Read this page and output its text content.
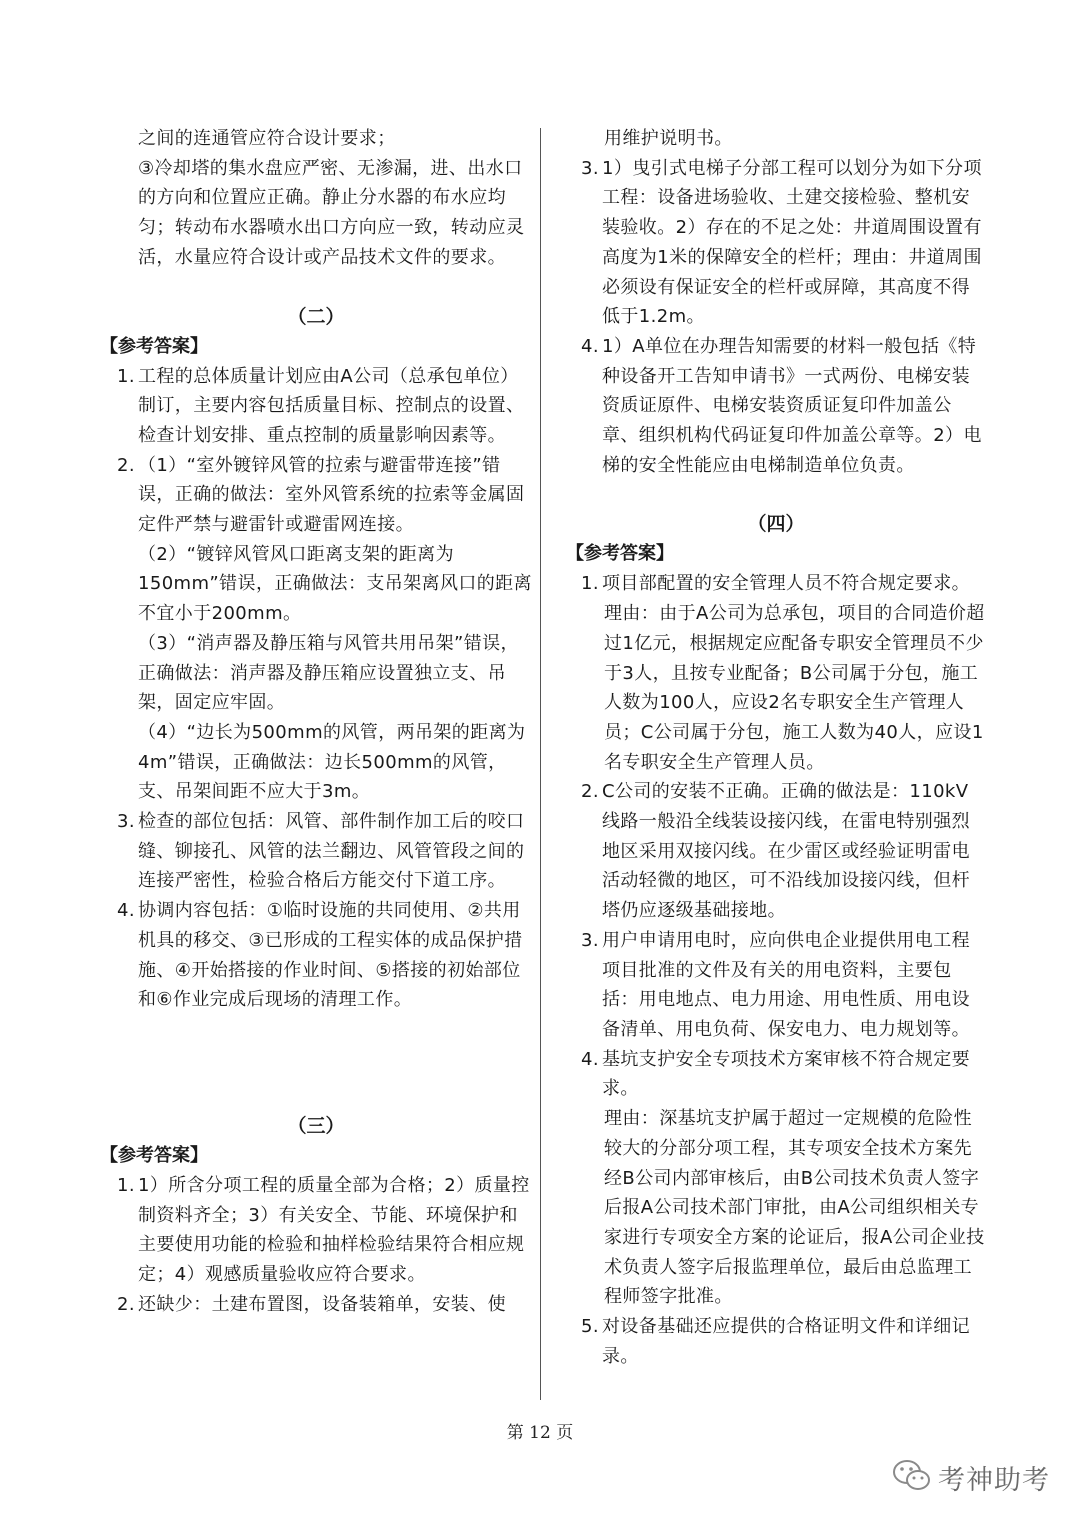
之间的连通管应符合设计要求；
③冷却塔的集水盘应严密、无渗漏，进、出水口的方向和位置应正确。静止分水器的布水应均匀；转动布水器喷水出口方向应一致，转动应灵活，水量应符合设计或产品技术文件的要求。
（二）
【参考答案】
1. 工程的总体质量计划应由A公司（总承包单位）制订，主要内容包括质量目标、控制点的设置、检查计划安排、重点控制的质量影响因素等。
2. （1）“室外镀锌风管的拉索与避雷带连接”错误，正确的做法：室外风管系统的拉索等金属固定件严禁与避雷针或避雷网连接。
（2）“镀锌风管风口距离支架的距离为150mm”错误，正确做法：支吊架离风口的距离不宜小于200mm。
（3）“消声器及静压箱与风管共用吊架”错误，正确做法：消声器及静压箱应设置独立支、吊架，固定应牢固。
（4）“边长为500mm的风管，两吊架的距离为4m”错误，正确做法：边长500mm的风管，支、吊架间距不应大于3m。
3. 检查的部位包括：风管、部件制作加工后的咬口缝、铆接孔、风管的法兰翻边、风管管段之间的连接严密性，检验合格后方能交付下道工序。
4. 协调内容包括：①临时设施的共同使用、②共用机具的移交、③已形成的工程实体的成品保护措施、④开始搭接的作业时间、⑤搭接的初始部位和⑥作业完成后现场的清理工作。
（三）
【参考答案】
1. 1）所含分项工程的质量全部为合格；2）质量控制资料齐全；3）有关安全、节能、环境保护和主要使用功能的检验和抽样检验结果符合相应规定；4）观感质量验收应符合要求。
2. 还缺少：土建布置图，设备装箱单，安装、使
用维护说明书。
3. 1）曳引式电梯子分部工程可以划分为如下分项工程：设备进场验收、土建交接检验、整机安装验收。2）存在的不足之处：井道周围设置有高度为1米的保障安全的栏杆；理由：井道周围必须设有保证安全的栏杆或屏障，其高度不得低于1.2m。
4. 1）A单位在办理告知需要的材料一般包括《特种设备开工告知申请书》一式两份、电梯安装资质证原件、电梯安装资质证复印件加盖公章、组织机构代码证复印件加盖公章等。2）电梯的安全性能应由电梯制造单位负责。
（四）
【参考答案】
1. 项目部配置的安全管理人员不符合规定要求。
理由：由于A公司为总承包，项目的合同造价超过1亿元，根据规定应配备专职安全管理员不少于3人，且按专业配备；B公司属于分包，施工人数为100人，应设2名专职安全生产管理人员；C公司属于分包，施工人数为40人，应设1名专职安全生产管理人员。
2. C公司的安装不正确。正确的做法是：110kV线路一般沿全线装设接闪线，在雷电特别强烈地区采用双接闪线。在少雷区或经验证明雷电活动轻微的地区，可不沿线加设接闪线，但杆塔仍应逐级基础接地。
3. 用户申请用电时，应向供电企业提供用电工程项目批准的文件及有关的用电资料，主要包括：用电地点、电力用途、用电性质、用电设备清单、用电负荷、保安电力、电力规划等。
4. 基坑支护安全专项技术方案审核不符合规定要求。
理由：深基坑支护属于超过一定规模的危险性较大的分部分项工程，其专项安全技术方案先经B公司内部审核后，由B公司技术负责人签字后报A公司技术部门审批，由A公司组织相关专家进行专项安全方案的论证后，报A公司企业技术负责人签字后报监理单位，最后由总监理工程师签字批准。
5. 对设备基础还应提供的合格证明文件和详细记录。
第 12 页
考神助考
